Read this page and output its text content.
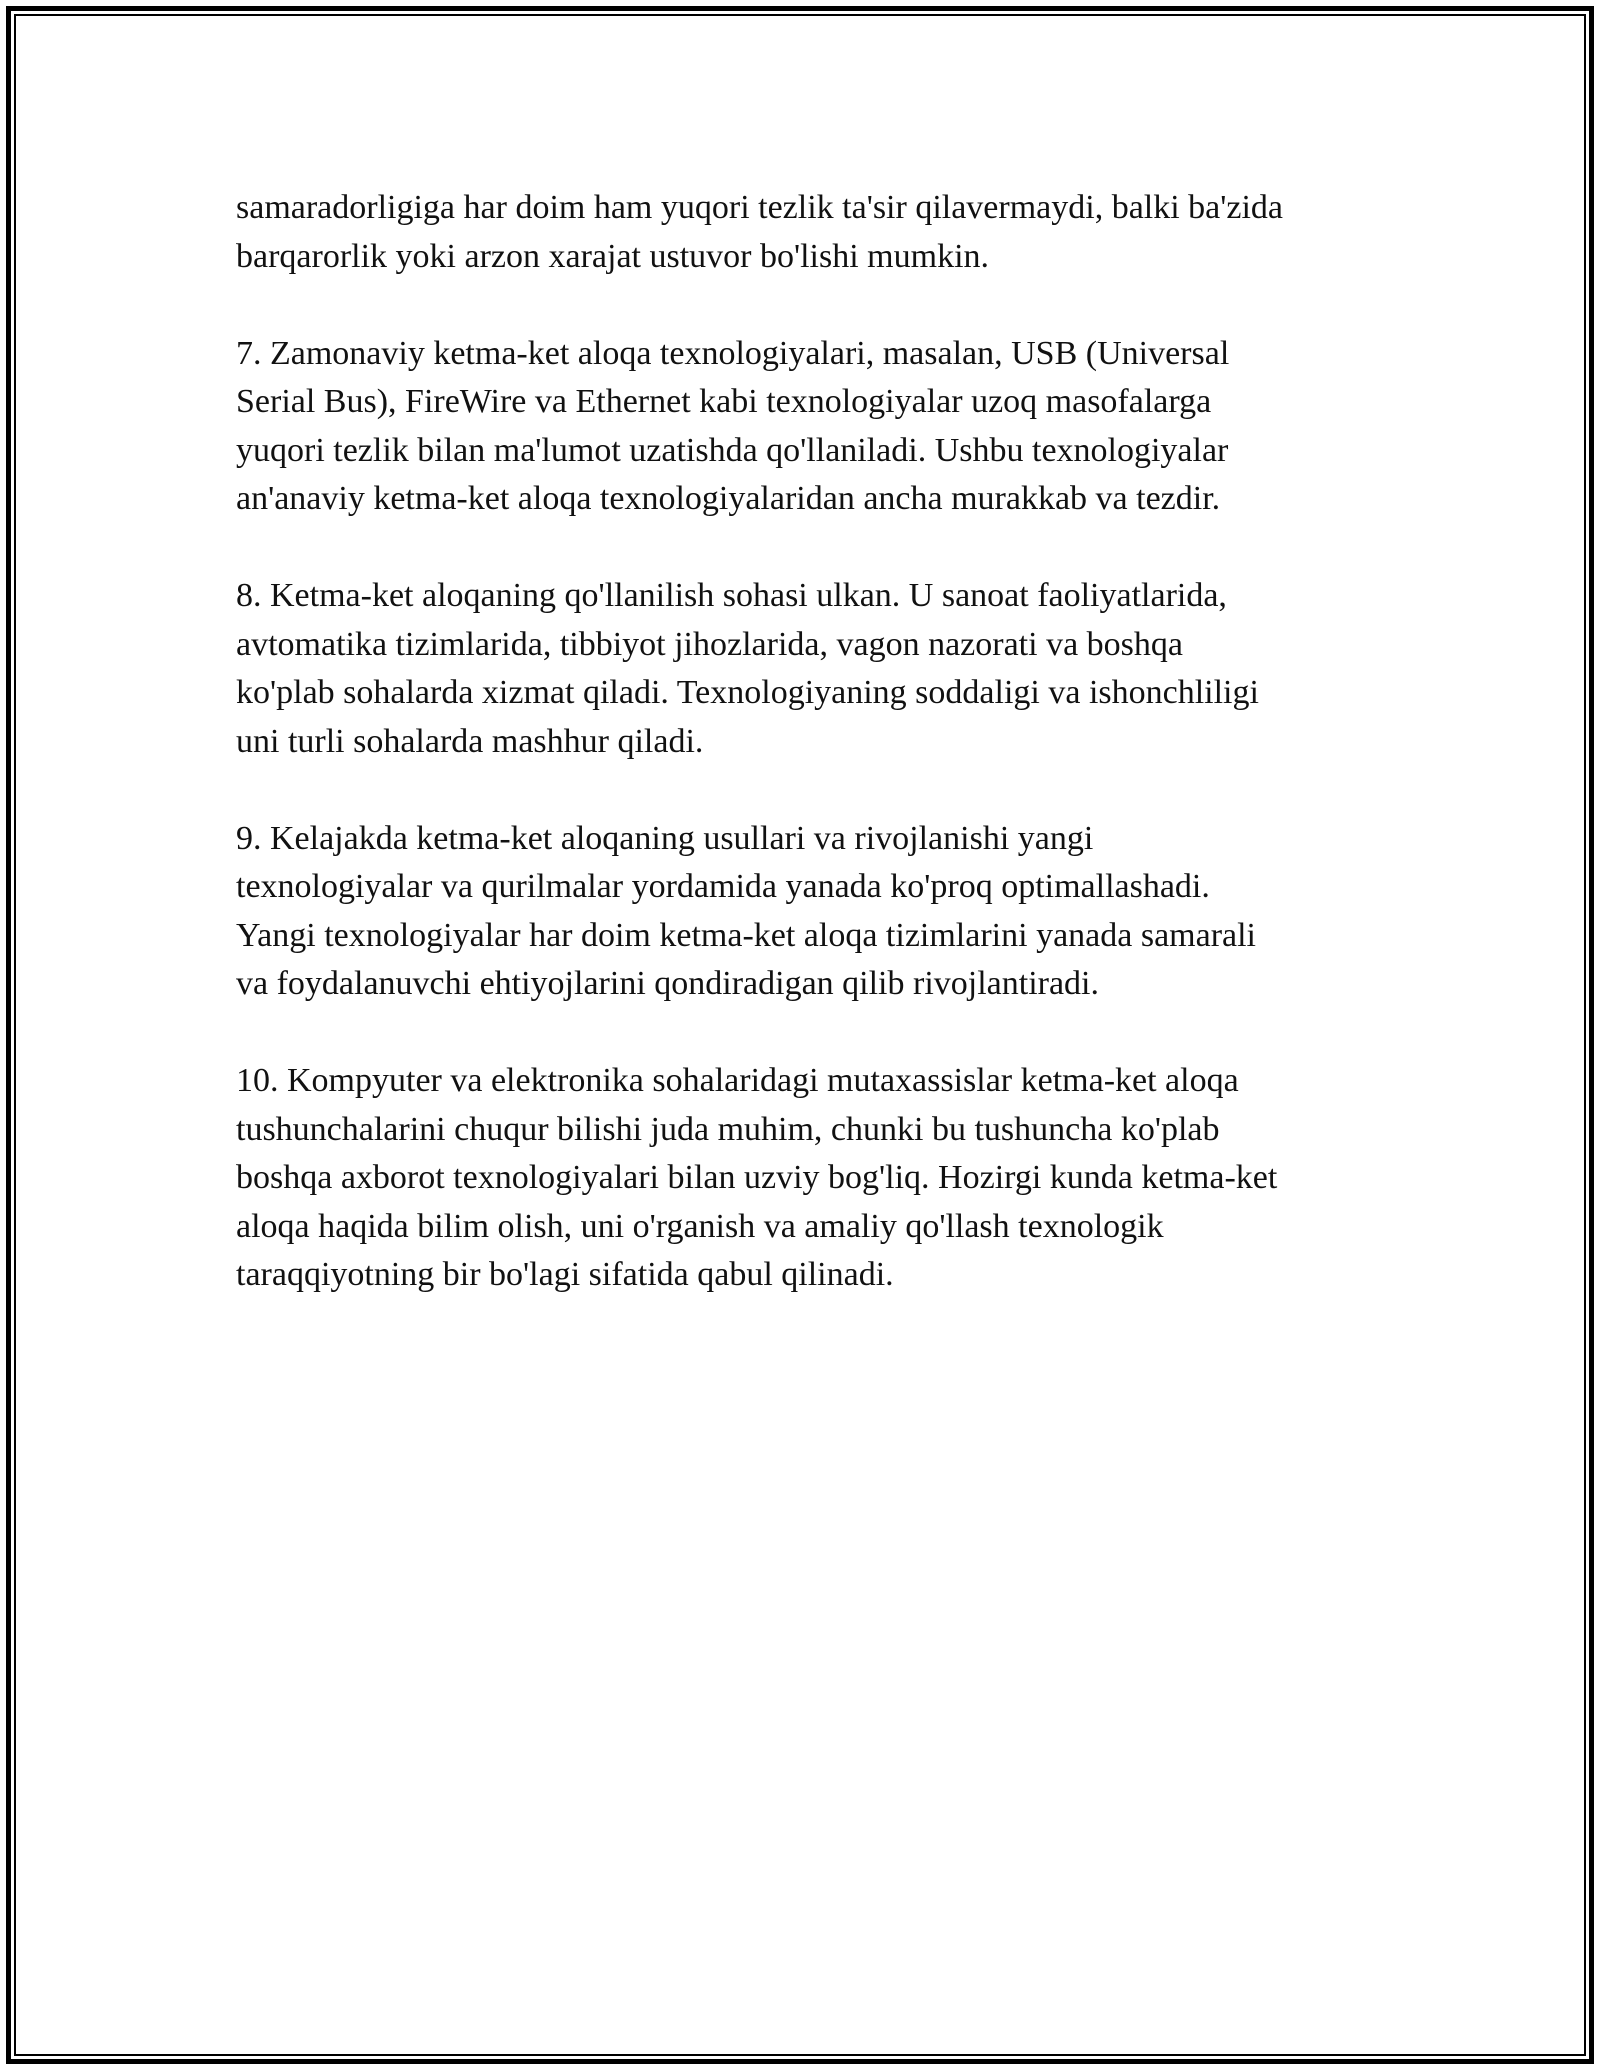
samaradorligiga har doim ham yuqori tezlik ta'sir qilavermaydi, balki ba'zida
barqarorlik yoki arzon xarajat ustuvor bo'lishi mumkin.

7. Zamonaviy ketma-ket aloqa texnologiyalari, masalan, USB (Universal
Serial Bus), FireWire va Ethernet kabi texnologiyalar uzoq masofalarga
yuqori tezlik bilan ma'lumot uzatishda qo'llaniladi. Ushbu texnologiyalar
an'anaviy ketma-ket aloqa texnologiyalaridan ancha murakkab va tezdir.

8. Ketma-ket aloqaning qo'llanilish sohasi ulkan. U sanoat faoliyatlarida,
avtomatika tizimlarida, tibbiyot jihozlarida, vagon nazorati va boshqa
ko'plab sohalarda xizmat qiladi. Texnologiyaning soddaligi va ishonchliligi
uni turli sohalarda mashhur qiladi.

9. Kelajakda ketma-ket aloqaning usullari va rivojlanishi yangi
texnologiyalar va qurilmalar yordamida yanada ko'proq optimallashadi.
Yangi texnologiyalar har doim ketma-ket aloqa tizimlarini yanada samarali
va foydalanuvchi ehtiyojlarini qondiradigan qilib rivojlantiradi.

10. Kompyuter va elektronika sohalaridagi mutaxassislar ketma-ket aloqa
tushunchalarini chuqur bilishi juda muhim, chunki bu tushuncha ko'plab
boshqa axborot texnologiyalari bilan uzviy bog'liq. Hozirgi kunda ketma-ket
aloqa haqida bilim olish, uni o'rganish va amaliy qo'llash texnologik
taraqqiyotning bir bo'lagi sifatida qabul qilinadi.
